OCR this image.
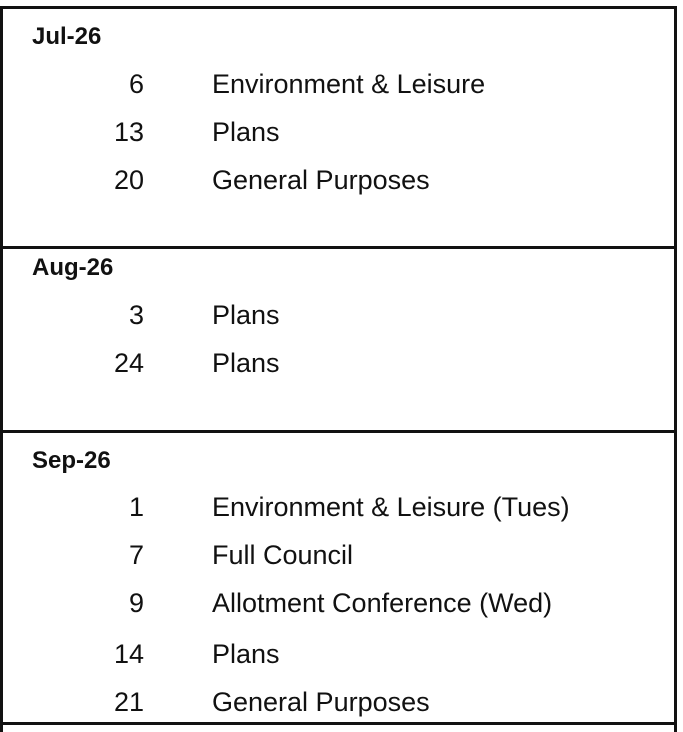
Jul-26
6	Environment & Leisure
13	Plans
20	General Purposes
Aug-26
3	Plans
24	Plans
Sep-26
1	Environment & Leisure (Tues)
7	Full Council
9	Allotment Conference (Wed)
14	Plans
21	General Purposes
